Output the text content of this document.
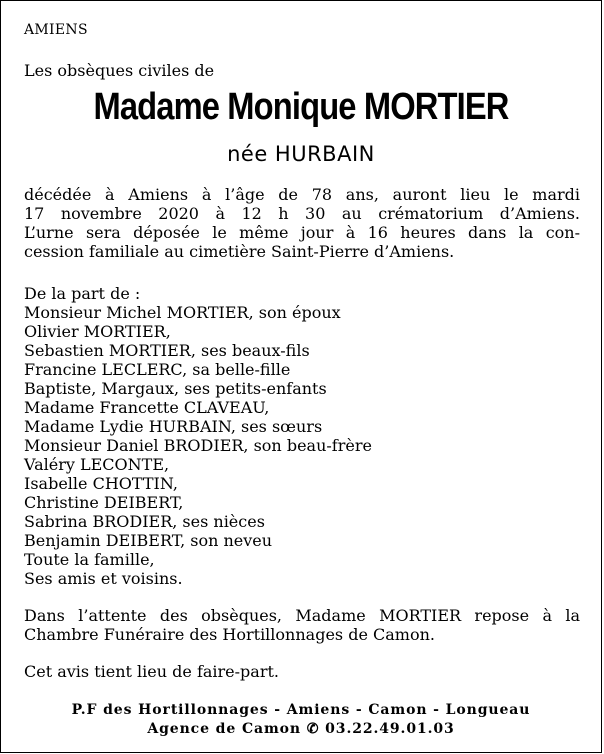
AMIENS
Les obsèques civiles de
Madame Monique MORTIER
née HURBAIN
décédée à Amiens à l’âge de 78 ans, auront lieu le mardi
17 novembre 2020 à 12 h 30 au crématorium d’Amiens.
L’urne sera déposée le même jour à 16 heures dans la con-
cession familiale au cimetière Saint-Pierre d’Amiens.
De la part de :
Monsieur Michel MORTIER, son époux
Olivier MORTIER,
Sebastien MORTIER, ses beaux-fils
Francine LECLERC, sa belle-fille
Baptiste, Margaux, ses petits-enfants
Madame Francette CLAVEAU,
Madame Lydie HURBAIN, ses sœurs
Monsieur Daniel BRODIER, son beau-frère
Valéry LECONTE,
Isabelle CHOTTIN,
Christine DEIBERT,
Sabrina BRODIER, ses nièces
Benjamin DEIBERT, son neveu
Toute la famille,
Ses amis et voisins.
Dans l’attente des obsèques, Madame MORTIER repose à la
Chambre Funéraire des Hortillonnages de Camon.
Cet avis tient lieu de faire-part.
P.F des Hortillonnages - Amiens - Camon - Longueau
Agence de Camon ✆ 03.22.49.01.03
